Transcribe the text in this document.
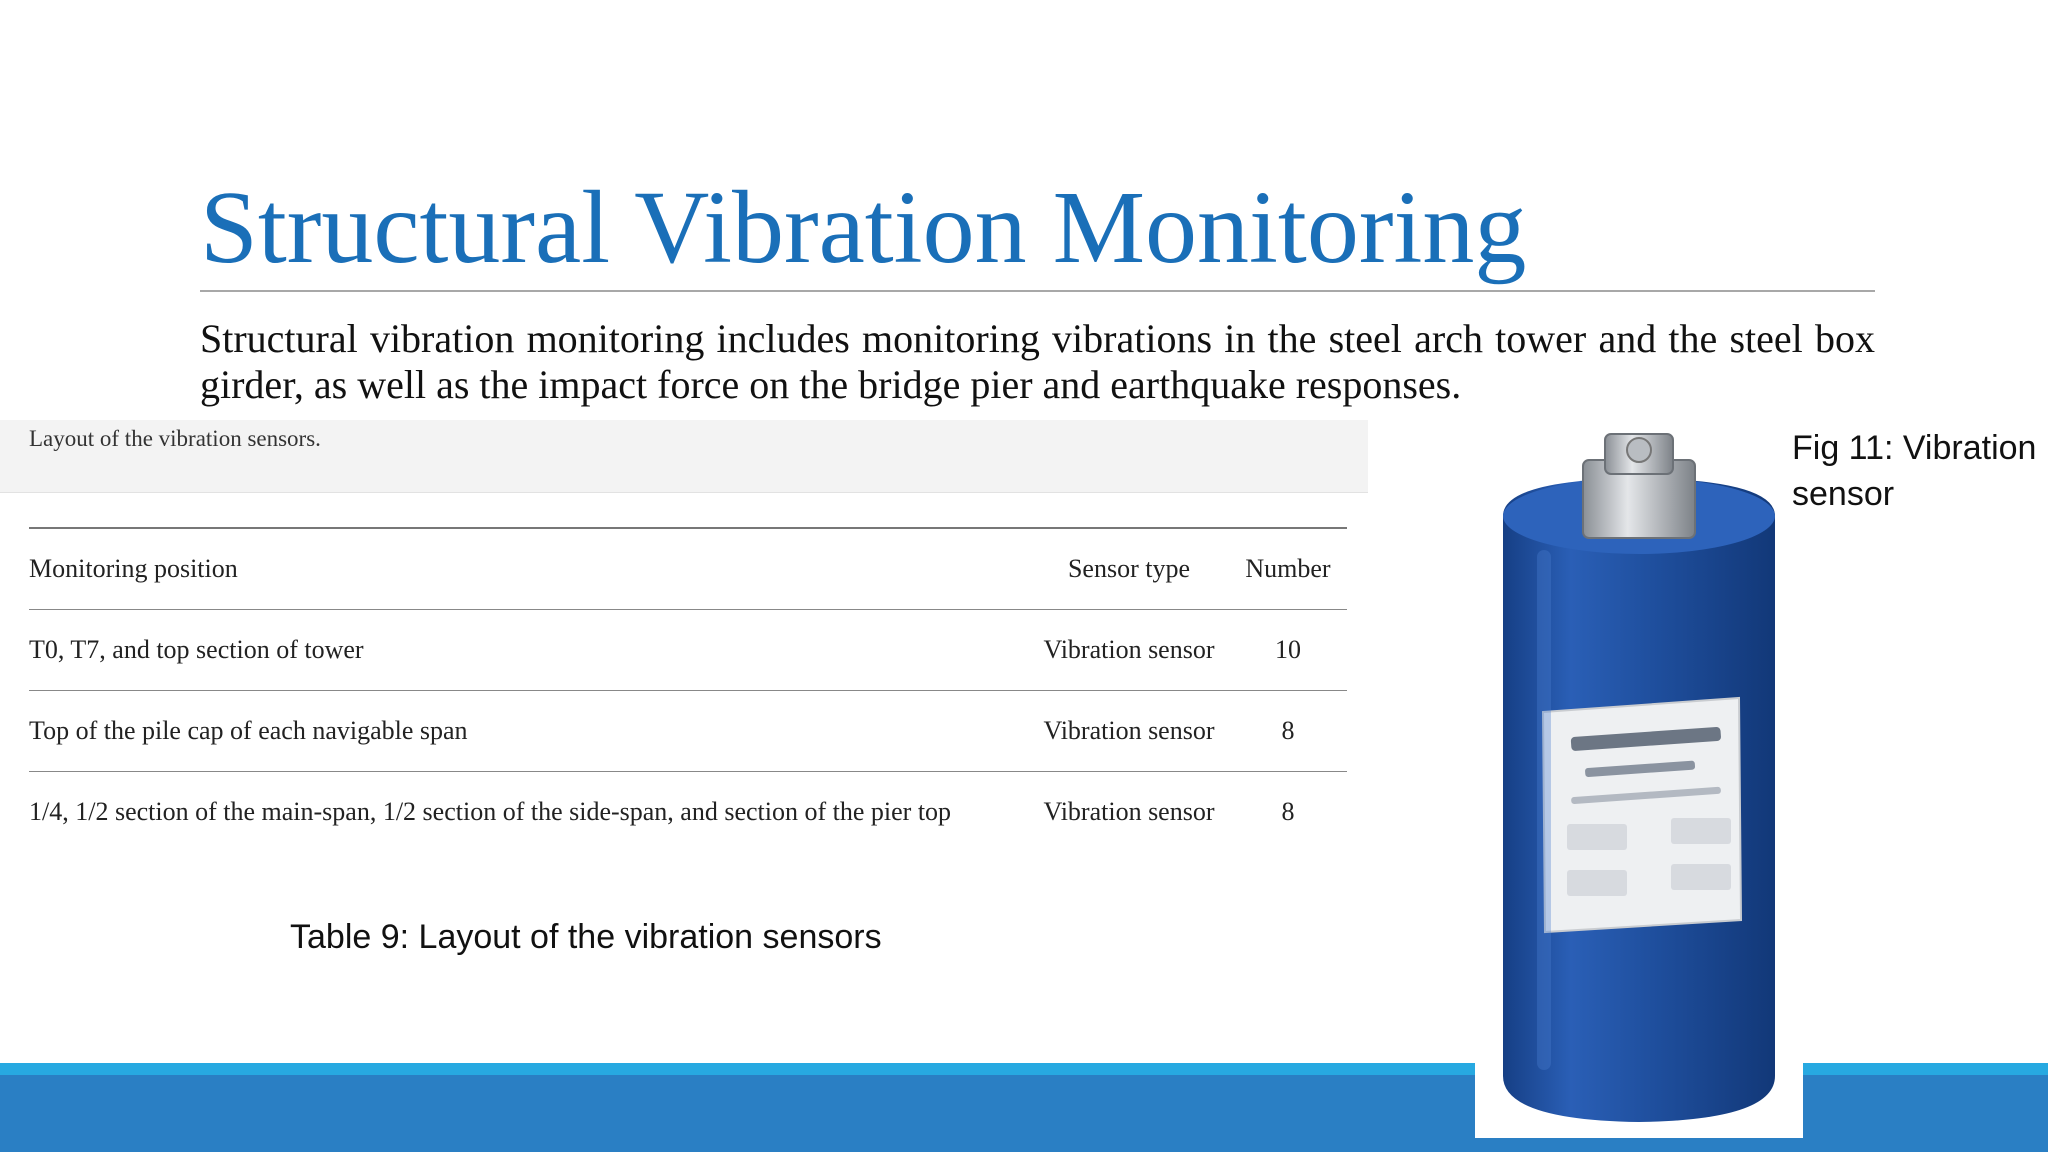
Structural Vibration Monitoring

Structural vibration monitoring includes monitoring vibrations in the steel arch tower and the steel box girder, as well as the impact force on the bridge pier and earthquake responses.

Layout of the vibration sensors.
Monitoring position	Sensor type	Number
T0, T7, and top section of tower	Vibration sensor	10
Top of the pile cap of each navigable span	Vibration sensor	8
1/4, 1/2 section of the main-span, 1/2 section of the side-span, and section of the pier top	Vibration sensor	8
Table 9: Layout of the vibration sensors
Fig 11: Vibration
sensor
